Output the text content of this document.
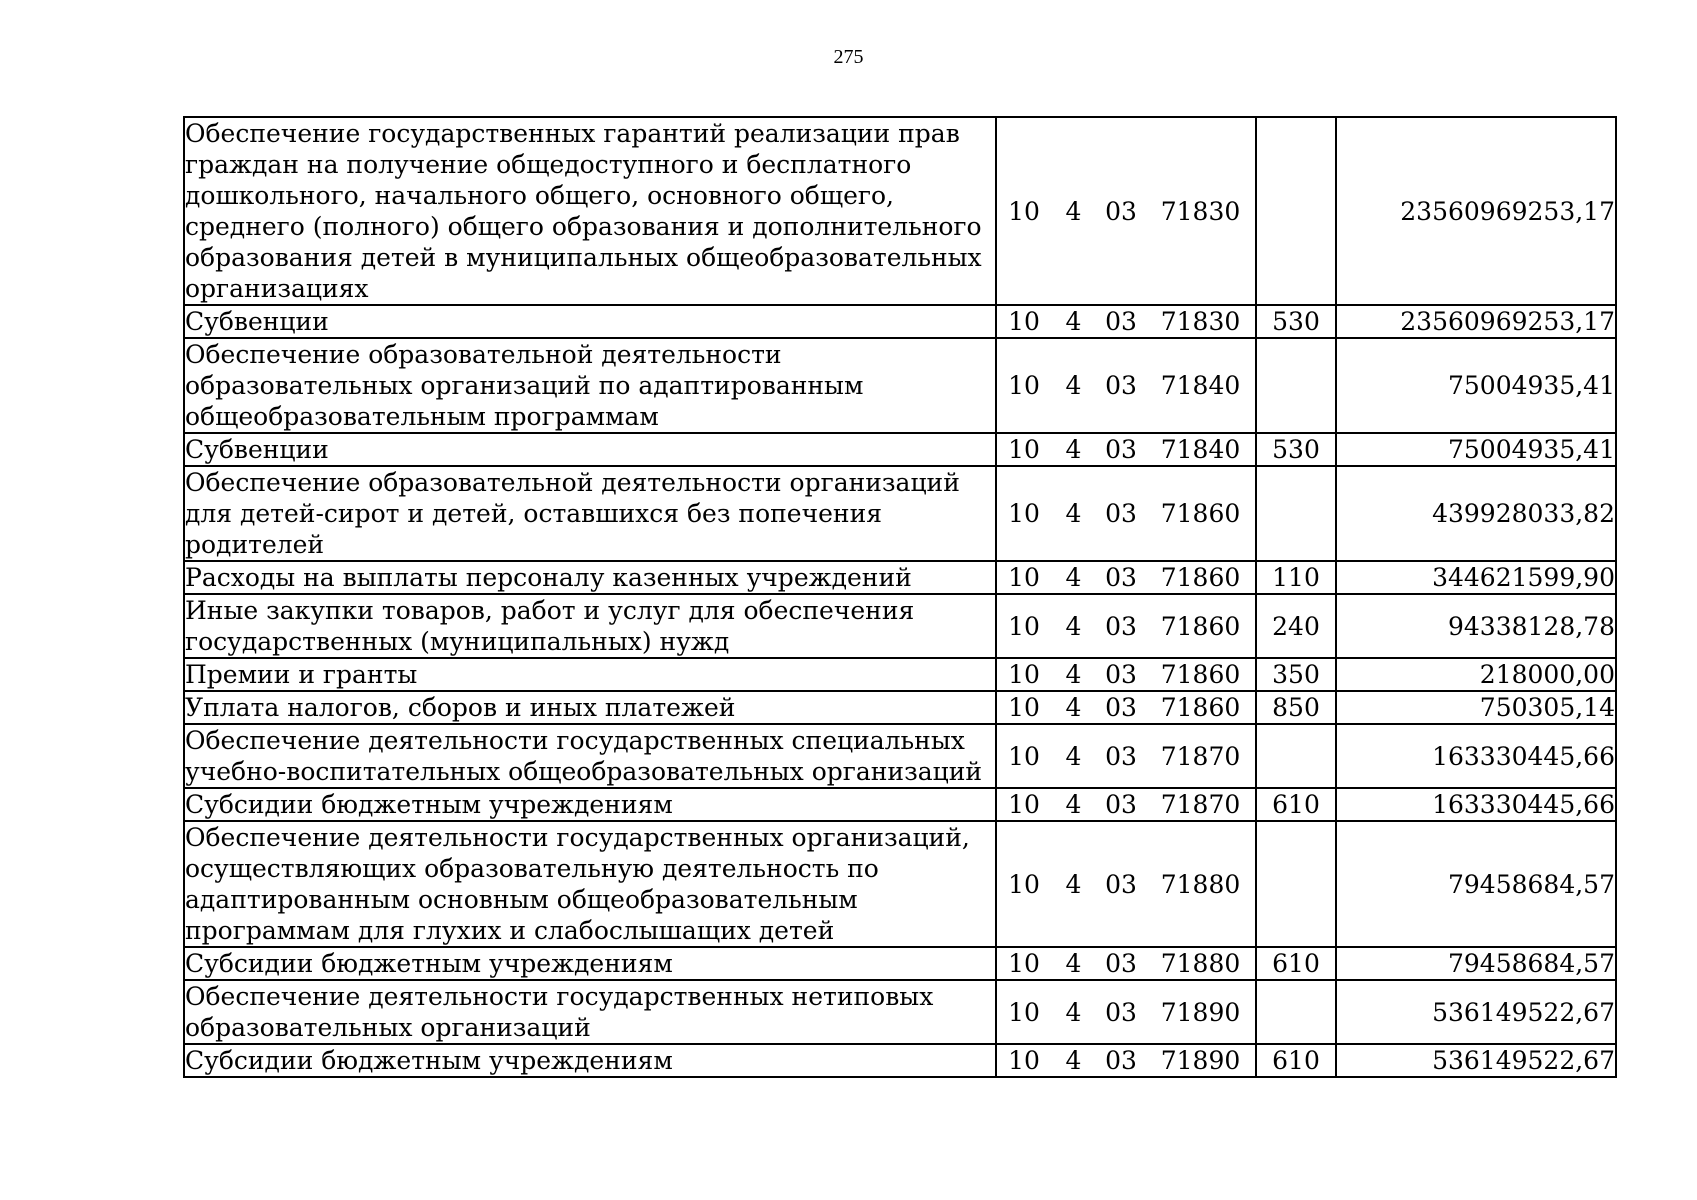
275
Обеспечение государственных гарантий реализации прав граждан на получение общедоступного и бесплатного дошкольного, начального общего, основного общего, среднего (полного) общего образования и дополнительного образования детей в муниципальных общеобразовательных организациях	10	4	03	71830		23560969253,17
Субвенции	10	4	03	71830	530	23560969253,17
Обеспечение образовательной деятельности образовательных организаций по адаптированным общеобразовательным программам	10	4	03	71840		75004935,41
Субвенции	10	4	03	71840	530	75004935,41
Обеспечение образовательной деятельности организаций для детей-сирот и детей, оставшихся без попечения родителей	10	4	03	71860		439928033,82
Расходы на выплаты персоналу казенных учреждений	10	4	03	71860	110	344621599,90
Иные закупки товаров, работ и услуг для обеспечения государственных (муниципальных) нужд	10	4	03	71860	240	94338128,78
Премии и гранты	10	4	03	71860	350	218000,00
Уплата налогов, сборов и иных платежей	10	4	03	71860	850	750305,14
Обеспечение деятельности государственных специальных учебно-воспитательных общеобразовательных организаций	10	4	03	71870		163330445,66
Субсидии бюджетным учреждениям	10	4	03	71870	610	163330445,66
Обеспечение деятельности государственных организаций, осуществляющих образовательную деятельность по адаптированным основным общеобразовательным программам для глухих и слабослышащих детей	10	4	03	71880		79458684,57
Субсидии бюджетным учреждениям	10	4	03	71880	610	79458684,57
Обеспечение деятельности государственных нетиповых образовательных организаций	10	4	03	71890		536149522,67
Субсидии бюджетным учреждениям	10	4	03	71890	610	536149522,67
